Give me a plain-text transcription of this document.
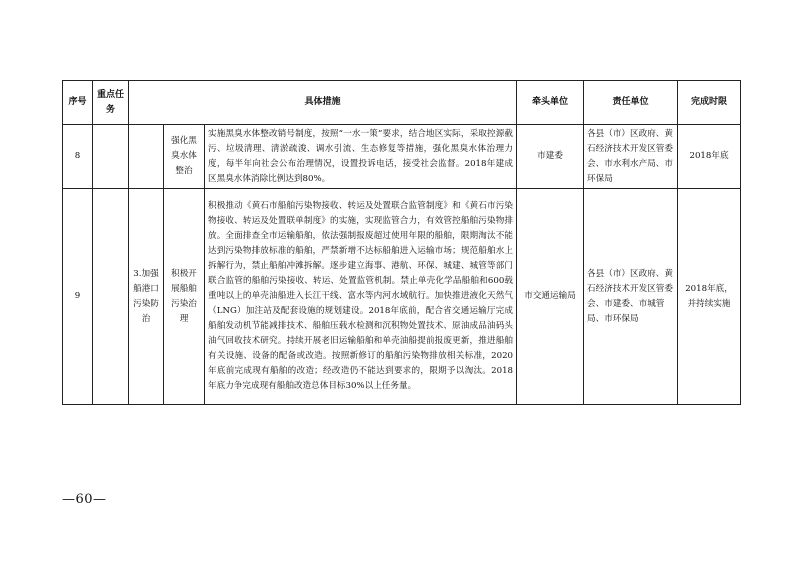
序号	重点任务	具体措施			牵头单位	责任单位	完成时限
8			强化黑臭水体整治	实施黑臭水体整改销号制度，按照“一水一策”要求，结合地区实际，采取控源截污、垃圾清理、清淤疏浚、调水引流、生态修复等措施，强化黑臭水体治理力度，每半年向社会公布治理情况，设置投诉电话，接受社会监督。2018年建成区黑臭水体消除比例达到80%。	市建委	各县（市）区政府、黄石经济技术开发区管委会、市水利水产局、市环保局	2018年底
9		3.加强船港口污染防治	积极开展船舶污染治理	积极推动《黄石市船舶污染物接收、转运及处置联合监管制度》和《黄石市污染物接收、转运及处置联单制度》的实施，实现监管合力，有效管控船舶污染物排放。全面排查全市运输船舶，依法强制报废超过使用年限的船舶，限期淘汰不能达到污染物排放标准的船舶，严禁新增不达标船舶进入运输市场；规范船舶水上拆解行为，禁止船舶冲滩拆解。逐步建立海事、港航、环保、城建、城管等部门联合监管的船舶污染接收、转运、处置监管机制。禁止单壳化学品船舶和600载重吨以上的单壳油船进入长江干线、富水等内河水域航行。加快推进液化天然气（LNG）加注站及配套设施的规划建设。2018年底前，配合省交通运输厅完成船舶发动机节能减排技术、船舶压载水检测和沉积物处置技术、原油成品油码头油气回收技术研究。持续开展老旧运输船舶和单壳油船提前报废更新，推进船舶有关设施、设备的配备或改造。按照新修订的船舶污染物排放相关标准，2020年底前完成现有船舶的改造；经改造仍不能达到要求的，限期予以淘汰。2018年底力争完成现有船舶改造总体目标30%以上任务量。	市交通运输局	各县（市）区政府、黄石经济技术开发区管委会、市建委、市城管局、市环保局	2018年底，并持续实施
—60—
